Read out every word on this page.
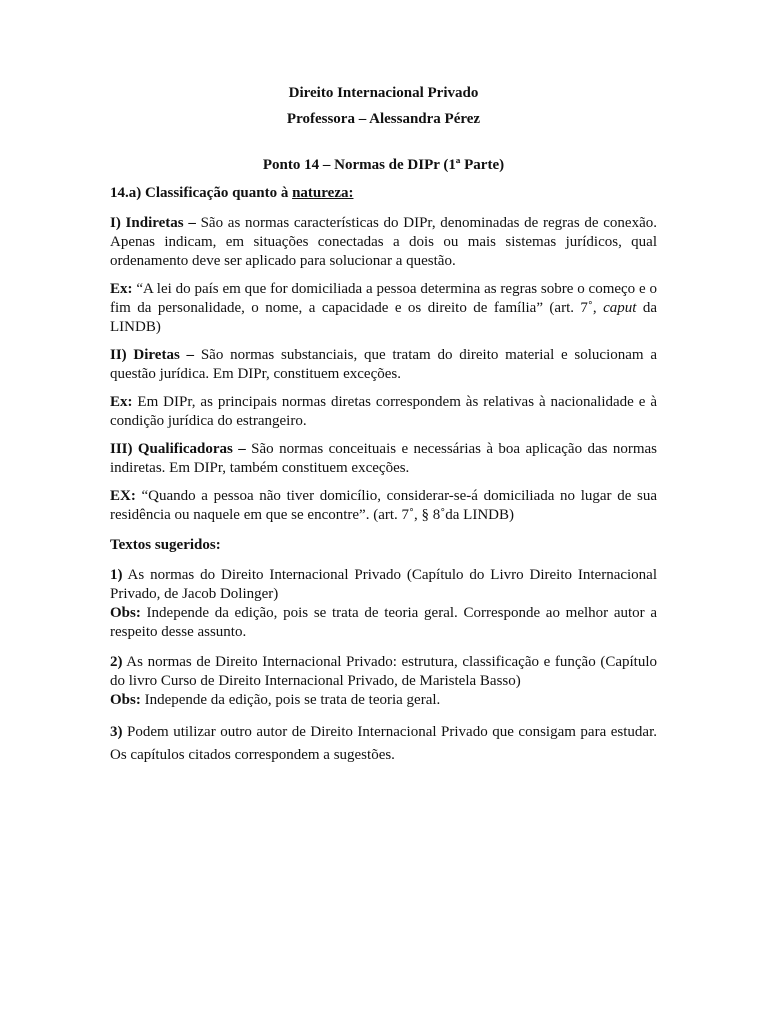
Direito Internacional Privado
Professora – Alessandra Pérez
Ponto 14 – Normas de DIPr (1ª Parte)

14.a) Classificação quanto à natureza:

I) Indiretas – São as normas características do DIPr, denominadas de regras de conexão. Apenas indicam, em situações conectadas a dois ou mais sistemas jurídicos, qual ordenamento deve ser aplicado para solucionar a questão.

Ex: “A lei do país em que for domiciliada a pessoa determina as regras sobre o começo e o fim da personalidade, o nome, a capacidade e os direito de família” (art. 7˚, caput da LINDB)

II) Diretas – São normas substanciais, que tratam do direito material e solucionam a questão jurídica. Em DIPr, constituem exceções.

Ex: Em DIPr, as principais normas diretas correspondem às relativas à nacionalidade e à condição jurídica do estrangeiro.

III) Qualificadoras – São normas conceituais e necessárias à boa aplicação das normas indiretas. Em DIPr, também constituem exceções.

EX: “Quando a pessoa não tiver domicílio, considerar-se-á domiciliada no lugar de sua residência ou naquele em que se encontre”. (art. 7˚, § 8˚da LINDB)

Textos sugeridos:

1) As normas do Direito Internacional Privado (Capítulo do Livro Direito Internacional Privado, de Jacob Dolinger)

Obs: Independe da edição, pois se trata de teoria geral. Corresponde ao melhor autor a respeito desse assunto.

2) As normas de Direito Internacional Privado: estrutura, classificação e função (Capítulo do livro Curso de Direito Internacional Privado, de Maristela Basso)

Obs: Independe da edição, pois se trata de teoria geral.

3) Podem utilizar outro autor de Direito Internacional Privado que consigam para estudar. Os capítulos citados correspondem a sugestões.
